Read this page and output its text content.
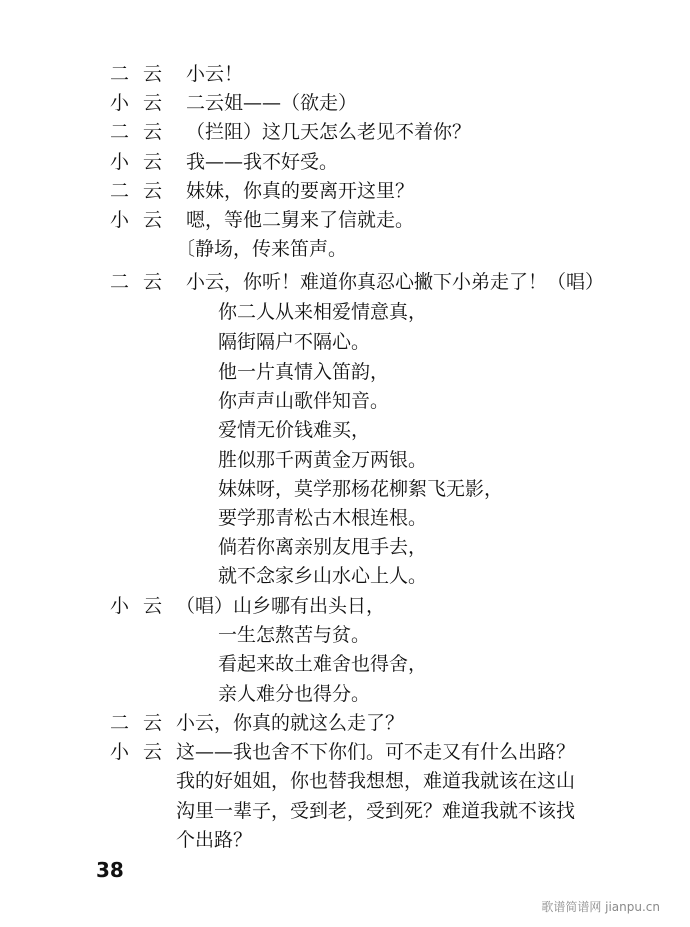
二云 小云！
小云 二云姐——（欲走）
二云 （拦阻）这几天怎么老见不着你？
小云 我——我不好受。
二云 妹妹，你真的要离开这里？
小云 嗯，等他二舅来了信就走。
〔静场，传来笛声。
二云 小云，你听！难道你真忍心撇下小弟走了！（唱）
你二人从来相爱情意真，
隔街隔户不隔心。
他一片真情入笛韵，
你声声山歌伴知音。
爱情无价钱难买，
胜似那千两黄金万两银。
妹妹呀，莫学那杨花柳絮飞无影，
要学那青松古木根连根。
倘若你离亲别友甩手去，
就不念家乡山水心上人。
小云 （唱）山乡哪有出头日，
一生怎熬苦与贫。
看起来故土难舍也得舍，
亲人难分也得分。
二云 小云，你真的就这么走了？
小云 这——我也舍不下你们。可不走又有什么出路？
我的好姐姐，你也替我想想，难道我就该在这山
沟里一辈子，受到老，受到死？难道我就不该找
个出路？
38
歌谱简谱网 jianpu.cn
